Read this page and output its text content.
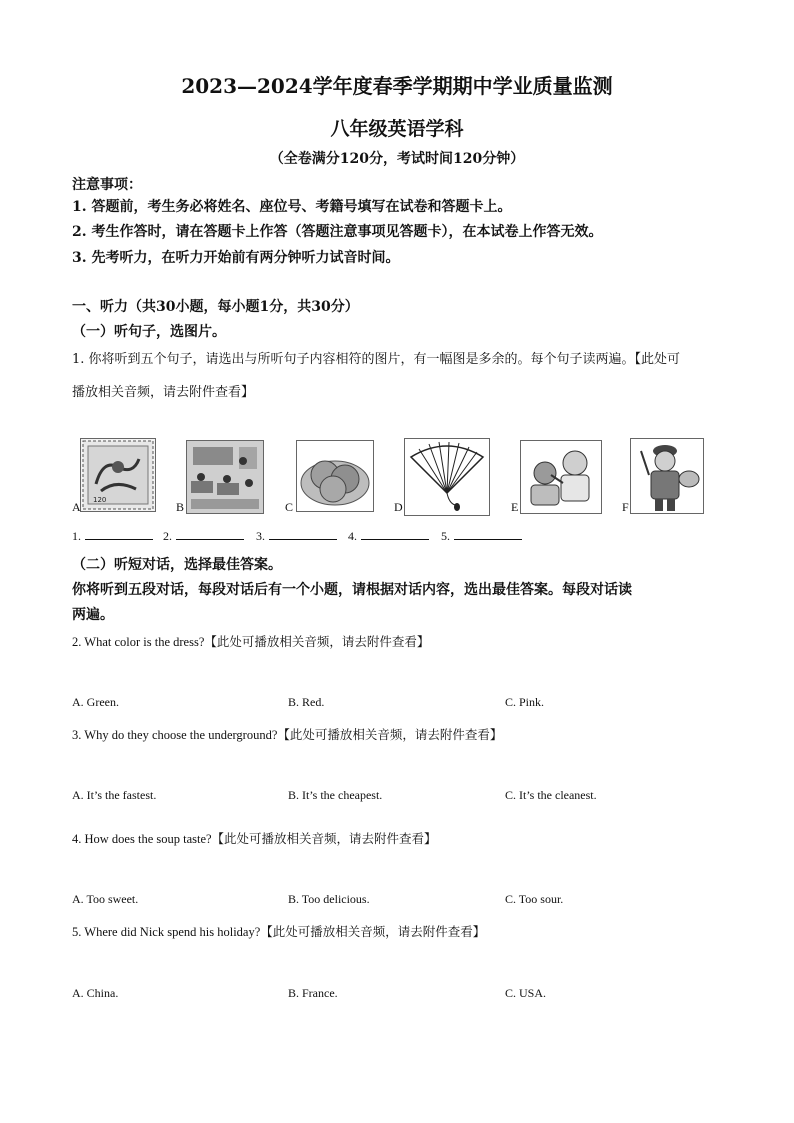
2023—2024学年度春季学期期中学业质量监测
八年级英语学科
（全卷满分120分，考试时间120分钟）
注意事项：
1. 答题前，考生务必将姓名、座位号、考籍号填写在试卷和答题卡上。
2. 考生作答时，请在答题卡上作答（答题注意事项见答题卡），在本试卷上作答无效。
3. 先考听力，在听力开始前有两分钟听力试音时间。
一、听力（共30小题，每小题1分，共30分）
（一）听句子，选图片。
1. 你将听到五个句子，请选出与所听句子内容相符的图片，有一幅图是多余的。每个句子读两遍。【此处可
播放相关音频，请去附件查看】
120
A	B	C	D	E	F
1.	2.	3.	4.	5.
（二）听短对话，选择最佳答案。
你将听到五段对话，每段对话后有一个小题，请根据对话内容，选出最佳答案。每段对话读
两遍。
2. What color is the dress?【此处可播放相关音频，请去附件查看】
A. Green.	B. Red.	C. Pink.
3. Why do they choose the underground?【此处可播放相关音频，请去附件查看】
A. It’s the fastest.	B. It’s the cheapest.	C. It’s the cleanest.
4. How does the soup taste?【此处可播放相关音频，请去附件查看】
A. Too sweet.	B. Too delicious.	C. Too sour.
5. Where did Nick spend his holiday?【此处可播放相关音频，请去附件查看】
A. China.	B. France.	C. USA.
